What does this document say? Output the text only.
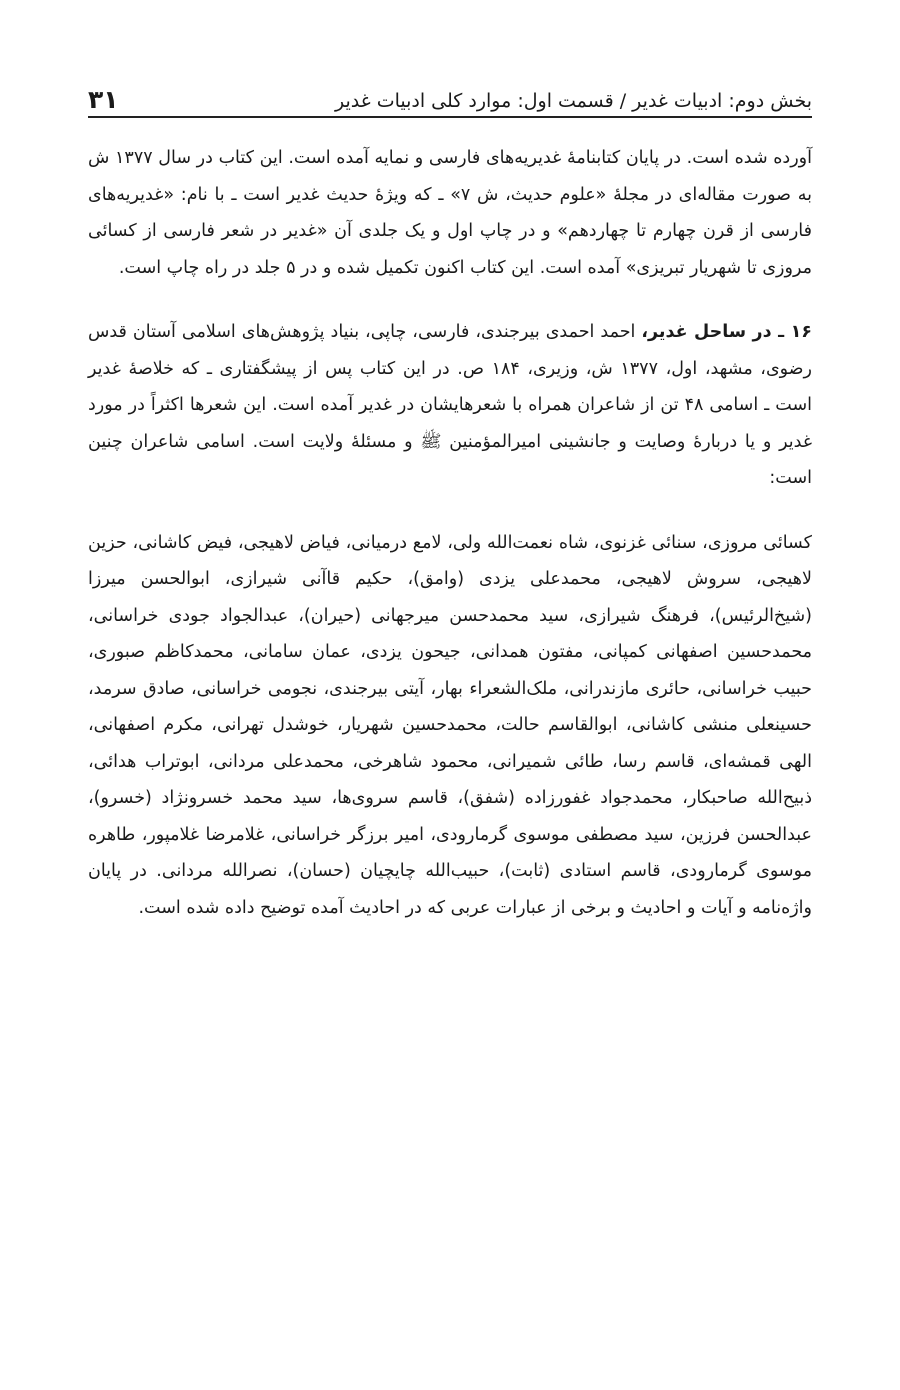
بخش دوم: ادبیات غدیر / قسمت اول: موارد کلی ادبیات غدیر
۳۱

آورده شده است. در پایان کتابنامهٔ غدیریه‌های فارسی و نمایه آمده است. این کتاب در سال ۱۳۷۷ ش به صورت مقاله‌ای در مجلهٔ «علوم حدیث، ش ۷» ـ که ویژهٔ حدیث غدیر است ـ با نام: «غدیریه‌های فارسی از قرن چهارم تا چهاردهم» و در چاپ اول و یک جلدی آن «غدیر در شعر فارسی از کسائی مروزی تا شهریار تبریزی» آمده است. این کتاب اکنون تکمیل شده و در ۵ جلد در راه چاپ است.

۱۶ ـ در ساحل غدیر، احمد احمدی بیرجندی، فارسی، چاپی، بنیاد پژوهش‌های اسلامی آستان قدس رضوی، مشهد، اول، ۱۳۷۷ ش، وزیری، ۱۸۴ ص. در این کتاب پس از پیشگفتاری ـ که خلاصهٔ غدیر است ـ اسامی ۴۸ تن از شاعران همراه با شعرهایشان در غدیر آمده است. این شعرها اکثراً در مورد غدیر و یا دربارهٔ وصایت و جانشینی امیرالمؤمنین ﷺ و مسئلهٔ ولایت است. اسامی شاعران چنین است:

کسائی مروزی، سنائی غزنوی، شاه نعمت‌الله ولی، لامع درمیانی، فیاض لاهیجی، فیض کاشانی، حزین لاهیجی، سروش لاهیجی، محمدعلی یزدی (وامق)، حکیم قاآنی شیرازی، ابوالحسن میرزا (شیخ‌الرئیس)، فرهنگ شیرازی، سید محمدحسن میرجهانی (حیران)، عبدالجواد جودی خراسانی، محمدحسین اصفهانی کمپانی، مفتون همدانی، جیحون یزدی، عمان سامانی، محمدکاظم صبوری، حبیب خراسانی، حائری مازندرانی، ملک‌الشعراء بهار، آیتی بیرجندی، نجومی خراسانی، صادق سرمد، حسینعلی منشی کاشانی، ابوالقاسم حالت، محمدحسین شهریار، خوشدل تهرانی، مکرم اصفهانی، الهی قمشه‌ای، قاسم رسا، طائی شمیرانی، محمود شاهرخی، محمدعلی مردانی، ابوتراب هدائی، ذبیح‌الله صاحبکار، محمدجواد غفورزاده (شفق)، قاسم سروی‌ها، سید محمد خسرونژاد (خسرو)، عبدالحسن فرزین، سید مصطفی موسوی گرمارودی، امیر برزگر خراسانی، غلامرضا غلامپور، طاهره موسوی گرمارودی، قاسم استادی (ثابت)، حبیب‌الله چایچیان (حسان)، نصرالله مردانی. در پایان واژه‌نامه و آیات و احادیث و برخی از عبارات عربی که در احادیث آمده توضیح داده شده است.
